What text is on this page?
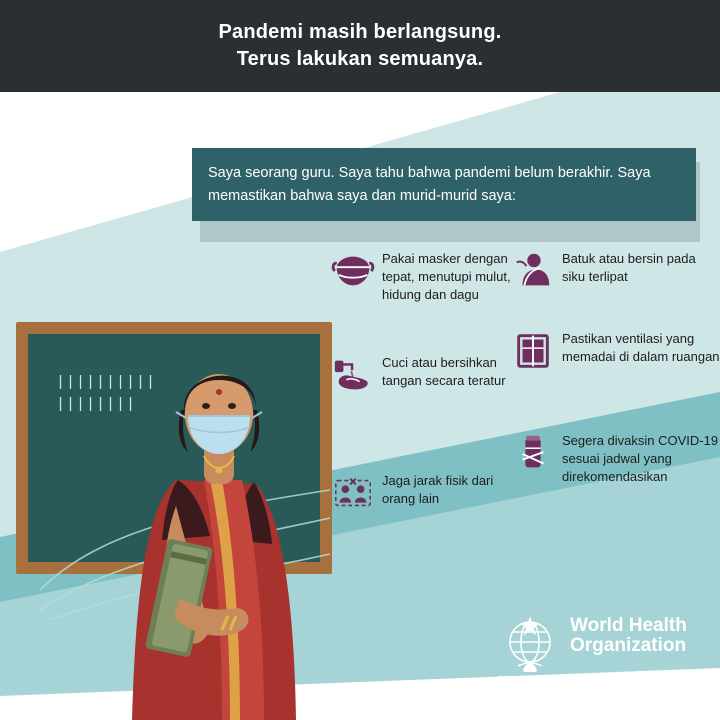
Pandemi masih berlangsung.
Terus lakukan semuanya.
||||||||||
||||||||

Saya seorang guru. Saya tahu bahwa pandemi belum berakhir. Saya memastikan bahwa saya dan murid-murid saya:

Pakai masker dengan tepat, menutupi mulut, hidung dan dagu
Cuci atau bersihkan tangan secara teratur
Jaga jarak fisik dari orang lain
Batuk atau bersin pada siku terlipat
Pastikan ventilasi yang memadai di dalam ruangan
Segera divaksin COVID-19 sesuai jadwal yang direkomendasikan
World Health
Organization
South-East Asian Region
